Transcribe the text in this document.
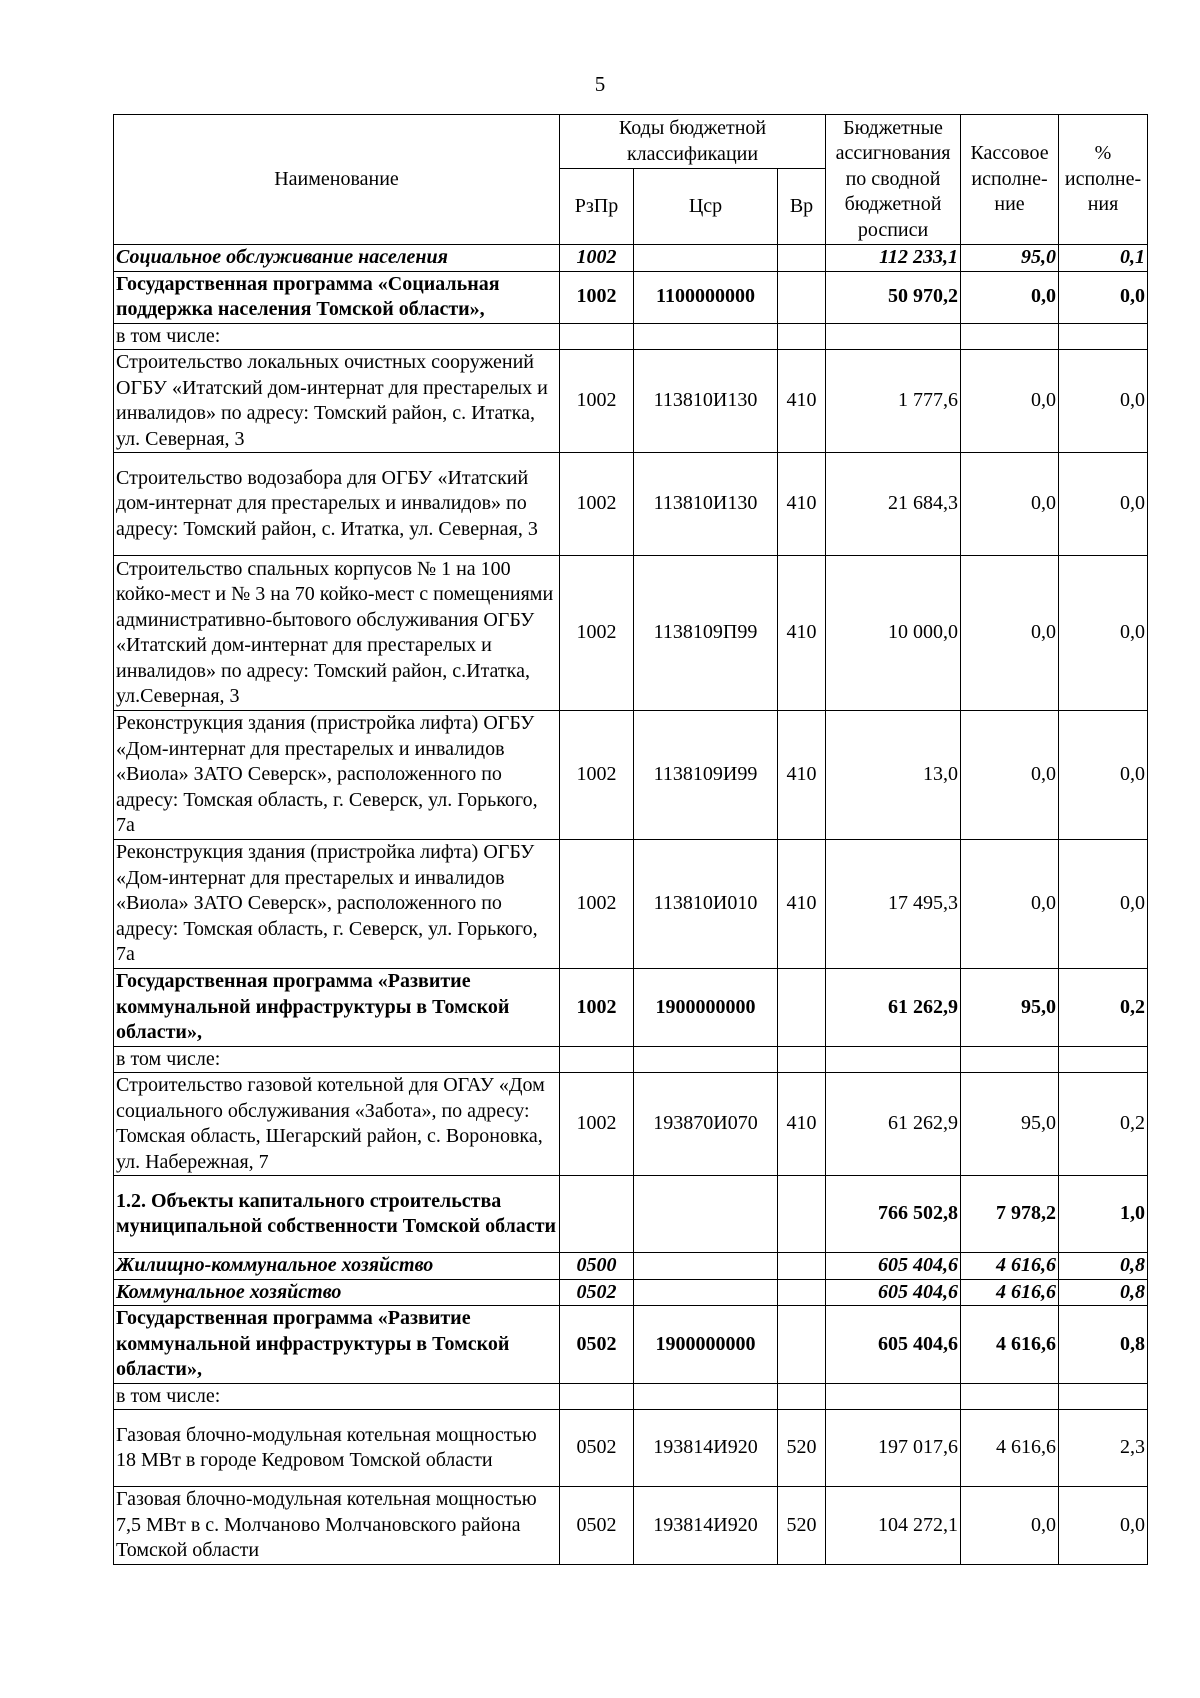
5
Наименование	Коды бюджетной классификации			Бюджетные ассигнования по сводной бюджетной росписи	Кассовое исполне- ние	% исполне- ния
	РзПр	Цср	Вр			
Социальное обслуживание населения	1002			112 233,1	95,0	0,1
Государственная программа «Социальная поддержка населения Томской области»,	1002	1100000000		50 970,2	0,0	0,0
в том числе:						
Строительство локальных очистных сооружений ОГБУ «Итатский дом-интернат для престарелых и инвалидов» по адресу: Томский район, с. Итатка, ул. Северная, 3	1002	113810И130	410	1 777,6	0,0	0,0
Строительство водозабора для ОГБУ «Итатский дом-интернат для престарелых и инвалидов» по адресу: Томский район, с. Итатка, ул. Северная, 3	1002	113810И130	410	21 684,3	0,0	0,0
Строительство спальных корпусов № 1 на 100 койко-мест и № 3 на 70 койко-мест с помещениями административно-бытового обслуживания ОГБУ «Итатский дом-интернат для престарелых и инвалидов» по адресу: Томский район, с.Итатка, ул.Северная, 3	1002	1138109П99	410	10 000,0	0,0	0,0
Реконструкция здания (пристройка лифта) ОГБУ «Дом-интернат для престарелых и инвалидов «Виола» ЗАТО Северск», расположенного по адресу: Томская область, г. Северск, ул. Горького, 7а	1002	1138109И99	410	13,0	0,0	0,0
Реконструкция здания (пристройка лифта) ОГБУ «Дом-интернат для престарелых и инвалидов «Виола» ЗАТО Северск», расположенного по адресу: Томская область, г. Северск, ул. Горького, 7а	1002	113810И010	410	17 495,3	0,0	0,0
Государственная программа «Развитие коммунальной инфраструктуры в Томской области»,	1002	1900000000		61 262,9	95,0	0,2
в том числе:						
Строительство газовой котельной для ОГАУ «Дом социального обслуживания «Забота», по адресу: Томская область, Шегарский район, с. Вороновка, ул. Набережная, 7	1002	193870И070	410	61 262,9	95,0	0,2
1.2. Объекты капитального строительства муниципальной собственности Томской области				766 502,8	7 978,2	1,0
Жилищно-коммунальное хозяйство	0500			605 404,6	4 616,6	0,8
Коммунальное хозяйство	0502			605 404,6	4 616,6	0,8
Государственная программа «Развитие коммунальной инфраструктуры в Томской области»,	0502	1900000000		605 404,6	4 616,6	0,8
в том числе:						
Газовая блочно-модульная котельная мощностью 18 МВт в городе Кедровом Томской области	0502	193814И920	520	197 017,6	4 616,6	2,3
Газовая блочно-модульная котельная мощностью 7,5 МВт в с. Молчаново Молчановского района Томской области	0502	193814И920	520	104 272,1	0,0	0,0
